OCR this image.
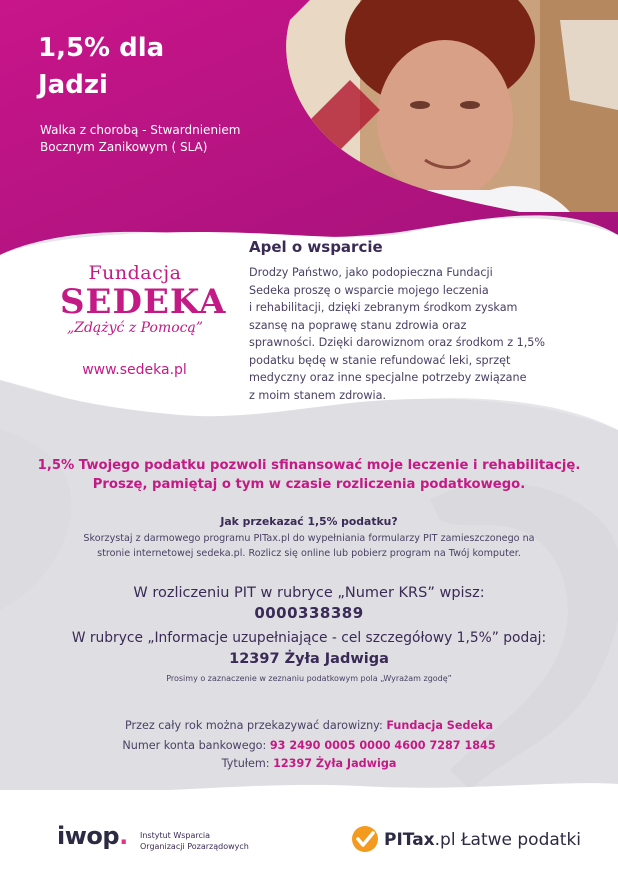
1,5% dla
Jadzi
Walka z chorobą - Stwardnieniem
Bocznym Zanikowym ( SLA)
Fundacja
SEDEKA
„Zdążyć z Pomocą”
www.sedeka.pl
Apel o wsparcie
Drodzy Państwo, jako podopieczna Fundacji
Sedeka proszę o wsparcie mojego leczenia
i rehabilitacji, dzięki zebranym środkom zyskam
szansę na poprawę stanu zdrowia oraz
sprawności. Dzięki darowiznom oraz środkom z 1,5%
podatku będę w stanie refundować leki, sprzęt
medyczny oraz inne specjalne potrzeby związane
z moim stanem zdrowia.
1,5% Twojego podatku pozwoli sfinansować moje leczenie i rehabilitację.
Proszę, pamiętaj o tym w czasie rozliczenia podatkowego.
Jak przekazać 1,5% podatku?
Skorzystaj z darmowego programu PITax.pl do wypełniania formularzy PIT zamieszczonego na
stronie internetowej sedeka.pl. Rozlicz się online lub pobierz program na Twój komputer.
W rozliczeniu PIT w rubryce „Numer KRS” wpisz:
0000338389
W rubryce „Informacje uzupełniające - cel szczegółowy 1,5%” podaj:
12397 Żyła Jadwiga
Prosimy o zaznaczenie w zeznaniu podatkowym pola „Wyrażam zgodę”
Przez cały rok można przekazywać darowizny: Fundacja Sedeka
Numer konta bankowego: 93 2490 0005 0000 4600 7287 1845
Tytułem: 12397 Żyła Jadwiga
iwop. Instytut Wsparcia
Organizacji Pozarządowych	PITax.pl Łatwe podatki
